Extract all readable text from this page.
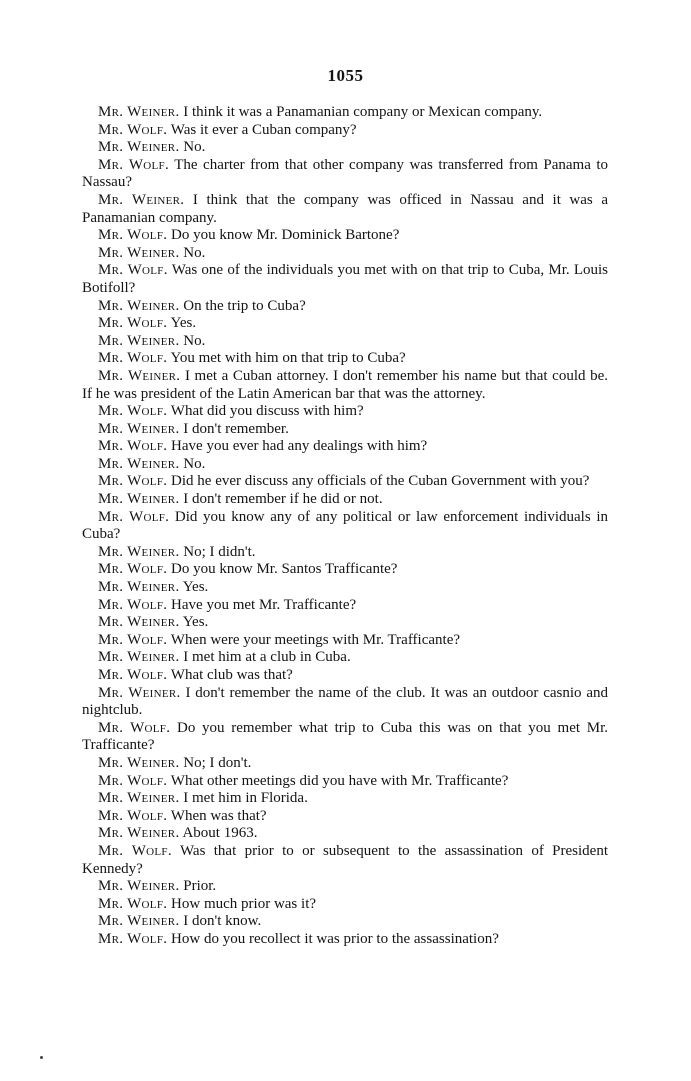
1055

Mr. Weiner. I think it was a Panamanian company or Mexican company.

Mr. Wolf. Was it ever a Cuban company?

Mr. Weiner. No.

Mr. Wolf. The charter from that other company was transferred from Panama to Nassau?

Mr. Weiner. I think that the company was officed in Nassau and it was a Panamanian company.

Mr. Wolf. Do you know Mr. Dominick Bartone?

Mr. Weiner. No.

Mr. Wolf. Was one of the individuals you met with on that trip to Cuba, Mr. Louis Botifoll?

Mr. Weiner. On the trip to Cuba?

Mr. Wolf. Yes.

Mr. Weiner. No.

Mr. Wolf. You met with him on that trip to Cuba?

Mr. Weiner. I met a Cuban attorney. I don't remember his name but that could be. If he was president of the Latin American bar that was the attorney.

Mr. Wolf. What did you discuss with him?

Mr. Weiner. I don't remember.

Mr. Wolf. Have you ever had any dealings with him?

Mr. Weiner. No.

Mr. Wolf. Did he ever discuss any officials of the Cuban Government with you?

Mr. Weiner. I don't remember if he did or not.

Mr. Wolf. Did you know any of any political or law enforcement individuals in Cuba?

Mr. Weiner. No; I didn't.

Mr. Wolf. Do you know Mr. Santos Trafficante?

Mr. Weiner. Yes.

Mr. Wolf. Have you met Mr. Trafficante?

Mr. Weiner. Yes.

Mr. Wolf. When were your meetings with Mr. Trafficante?

Mr. Weiner. I met him at a club in Cuba.

Mr. Wolf. What club was that?

Mr. Weiner. I don't remember the name of the club. It was an outdoor casnio and nightclub.

Mr. Wolf. Do you remember what trip to Cuba this was on that you met Mr. Trafficante?

Mr. Weiner. No; I don't.

Mr. Wolf. What other meetings did you have with Mr. Trafficante?

Mr. Weiner. I met him in Florida.

Mr. Wolf. When was that?

Mr. Weiner. About 1963.

Mr. Wolf. Was that prior to or subsequent to the assassination of President Kennedy?

Mr. Weiner. Prior.

Mr. Wolf. How much prior was it?

Mr. Weiner. I don't know.

Mr. Wolf. How do you recollect it was prior to the assassination?
